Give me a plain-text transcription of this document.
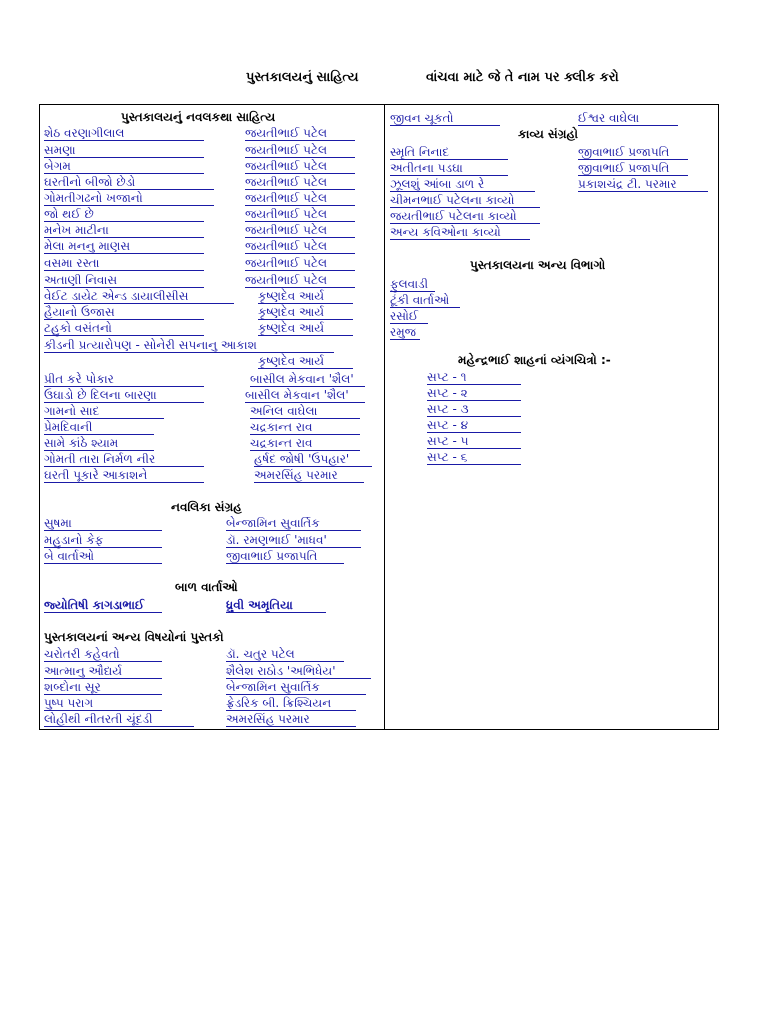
પુસ્તકાલયનું સાહિત્ય	વાંચવા માટે જે તે નામ પર ક્લીક કરો
પુસ્તકાલયનું નવલકથા સાહિત્ય
શેઠ વરણાગીલાલ	જયતીભાઈ પટેલ
સમણા	જયતીભાઈ પટેલ
બેગમ	જયતીભાઈ પટેલ
ઘરતીનો બીજો છેડો	જયતીભાઈ પટેલ
ગોમતીગઢનો ખજાનો	જયતીભાઈ પટેલ
જો થઈ છે	જયતીભાઈ પટેલ
મનેખ માટીના	જયતીભાઈ પટેલ
મેલા મનનુ માણસ	જયતીભાઈ પટેલ
વસમા રસ્તા	જયતીભાઈ પટેલ
અતાણી નિવાસ	જયતીભાઈ પટેલ
વેઈટ ડાયેટ એન્ડ ડાયાલીસીસ	કૃષ્ણદેવ આર્ય
હૈયાનો ઉજાસ	કૃષ્ણદેવ આર્ય
ટહુકો વસંતનો	કૃષ્ણદેવ આર્ય
કીડની પ્રત્યારોપણ - સોનેરી સપનાનુ આકાશ
કૃષ્ણદેવ આર્ય
પ્રીત કરે પોકાર	બાસીલ મેકવાન 'શૈલ'
ઉઘાડો છે દિલના બારણા	બાસીલ મેકવાન 'શૈલ'
ગામનો સાદ	અનિલ વાઘેલા
પ્રેમદિવાની	ચદ્રકાન્ત રાવ
સામે કાંઠે શ્યામ	ચદ્રકાન્ત રાવ
ગોમતી તારા નિર્મળ નીર	હર્ષદ જોષી 'ઉપહાર'
ઘરતી પૂકારે આકાશને	અમરસિંહ પરમાર
નવલિકા સંગ્રહ
સુષમા	બેન્જામિન સુવાર્તિક
મહુડાનો કેફ	ડૉ. રમણભાઈ 'માધવ'
બે વાર્તાઓ	જીવાભાઈ પ્રજાપતિ
બાળ વાર્તાઓ
જ્યોતિષી કાગડાભાઈ	ધ્રુવી અમૃતિયા
પુસ્તકાલયનાં અન્ય વિષયોનાં પુસ્તકો
ચરોતરી કહેવતો	ડૉ. ચતુર પટેલ
આત્માનુ ઔદ્યર્ય	શૈલેશ રાઠોડ 'અભિધેય'
શબ્દોના સૂર	બેન્જામિન સુવાર્તિક
પુષ્પ પરાગ	ફ્રેડરિક બી. ક્રિશ્ચિયન
લોહીથી નીતરતી ચૂંદડી	અમરસિંહ પરમાર
જીવન ચૂકતો	ઈશ્વર વાઘેલા
કાવ્ય સંગ્રહો
સ્મૃતિ નિનાદ	જીવાભાઈ પ્રજાપતિ
અતીતના પડઘા	જીવાભાઈ પ્રજાપતિ
ઝૂલશું આંબા ડાળ રે	પ્રકાશચંદ્ર ટી. પરમાર
ચીમનભાઈ પટેલના કાવ્યો
જયતીભાઈ પટેલના કાવ્યો
અન્ય કવિઓના કાવ્યો
પુસ્તકાલયના અન્ય વિભાગો
ફુલવાડી
ટૂંકી વાર્તાઓ
રસોઈ
રમુજ
મહેન્દ્રભાઈ શાહનાં વ્યંગચિત્રો :-
સપ્ટ - ૧
સપ્ટ - ૨
સપ્ટ - ૩
સપ્ટ - ૪
સપ્ટ - ૫
સપ્ટ - ૬
